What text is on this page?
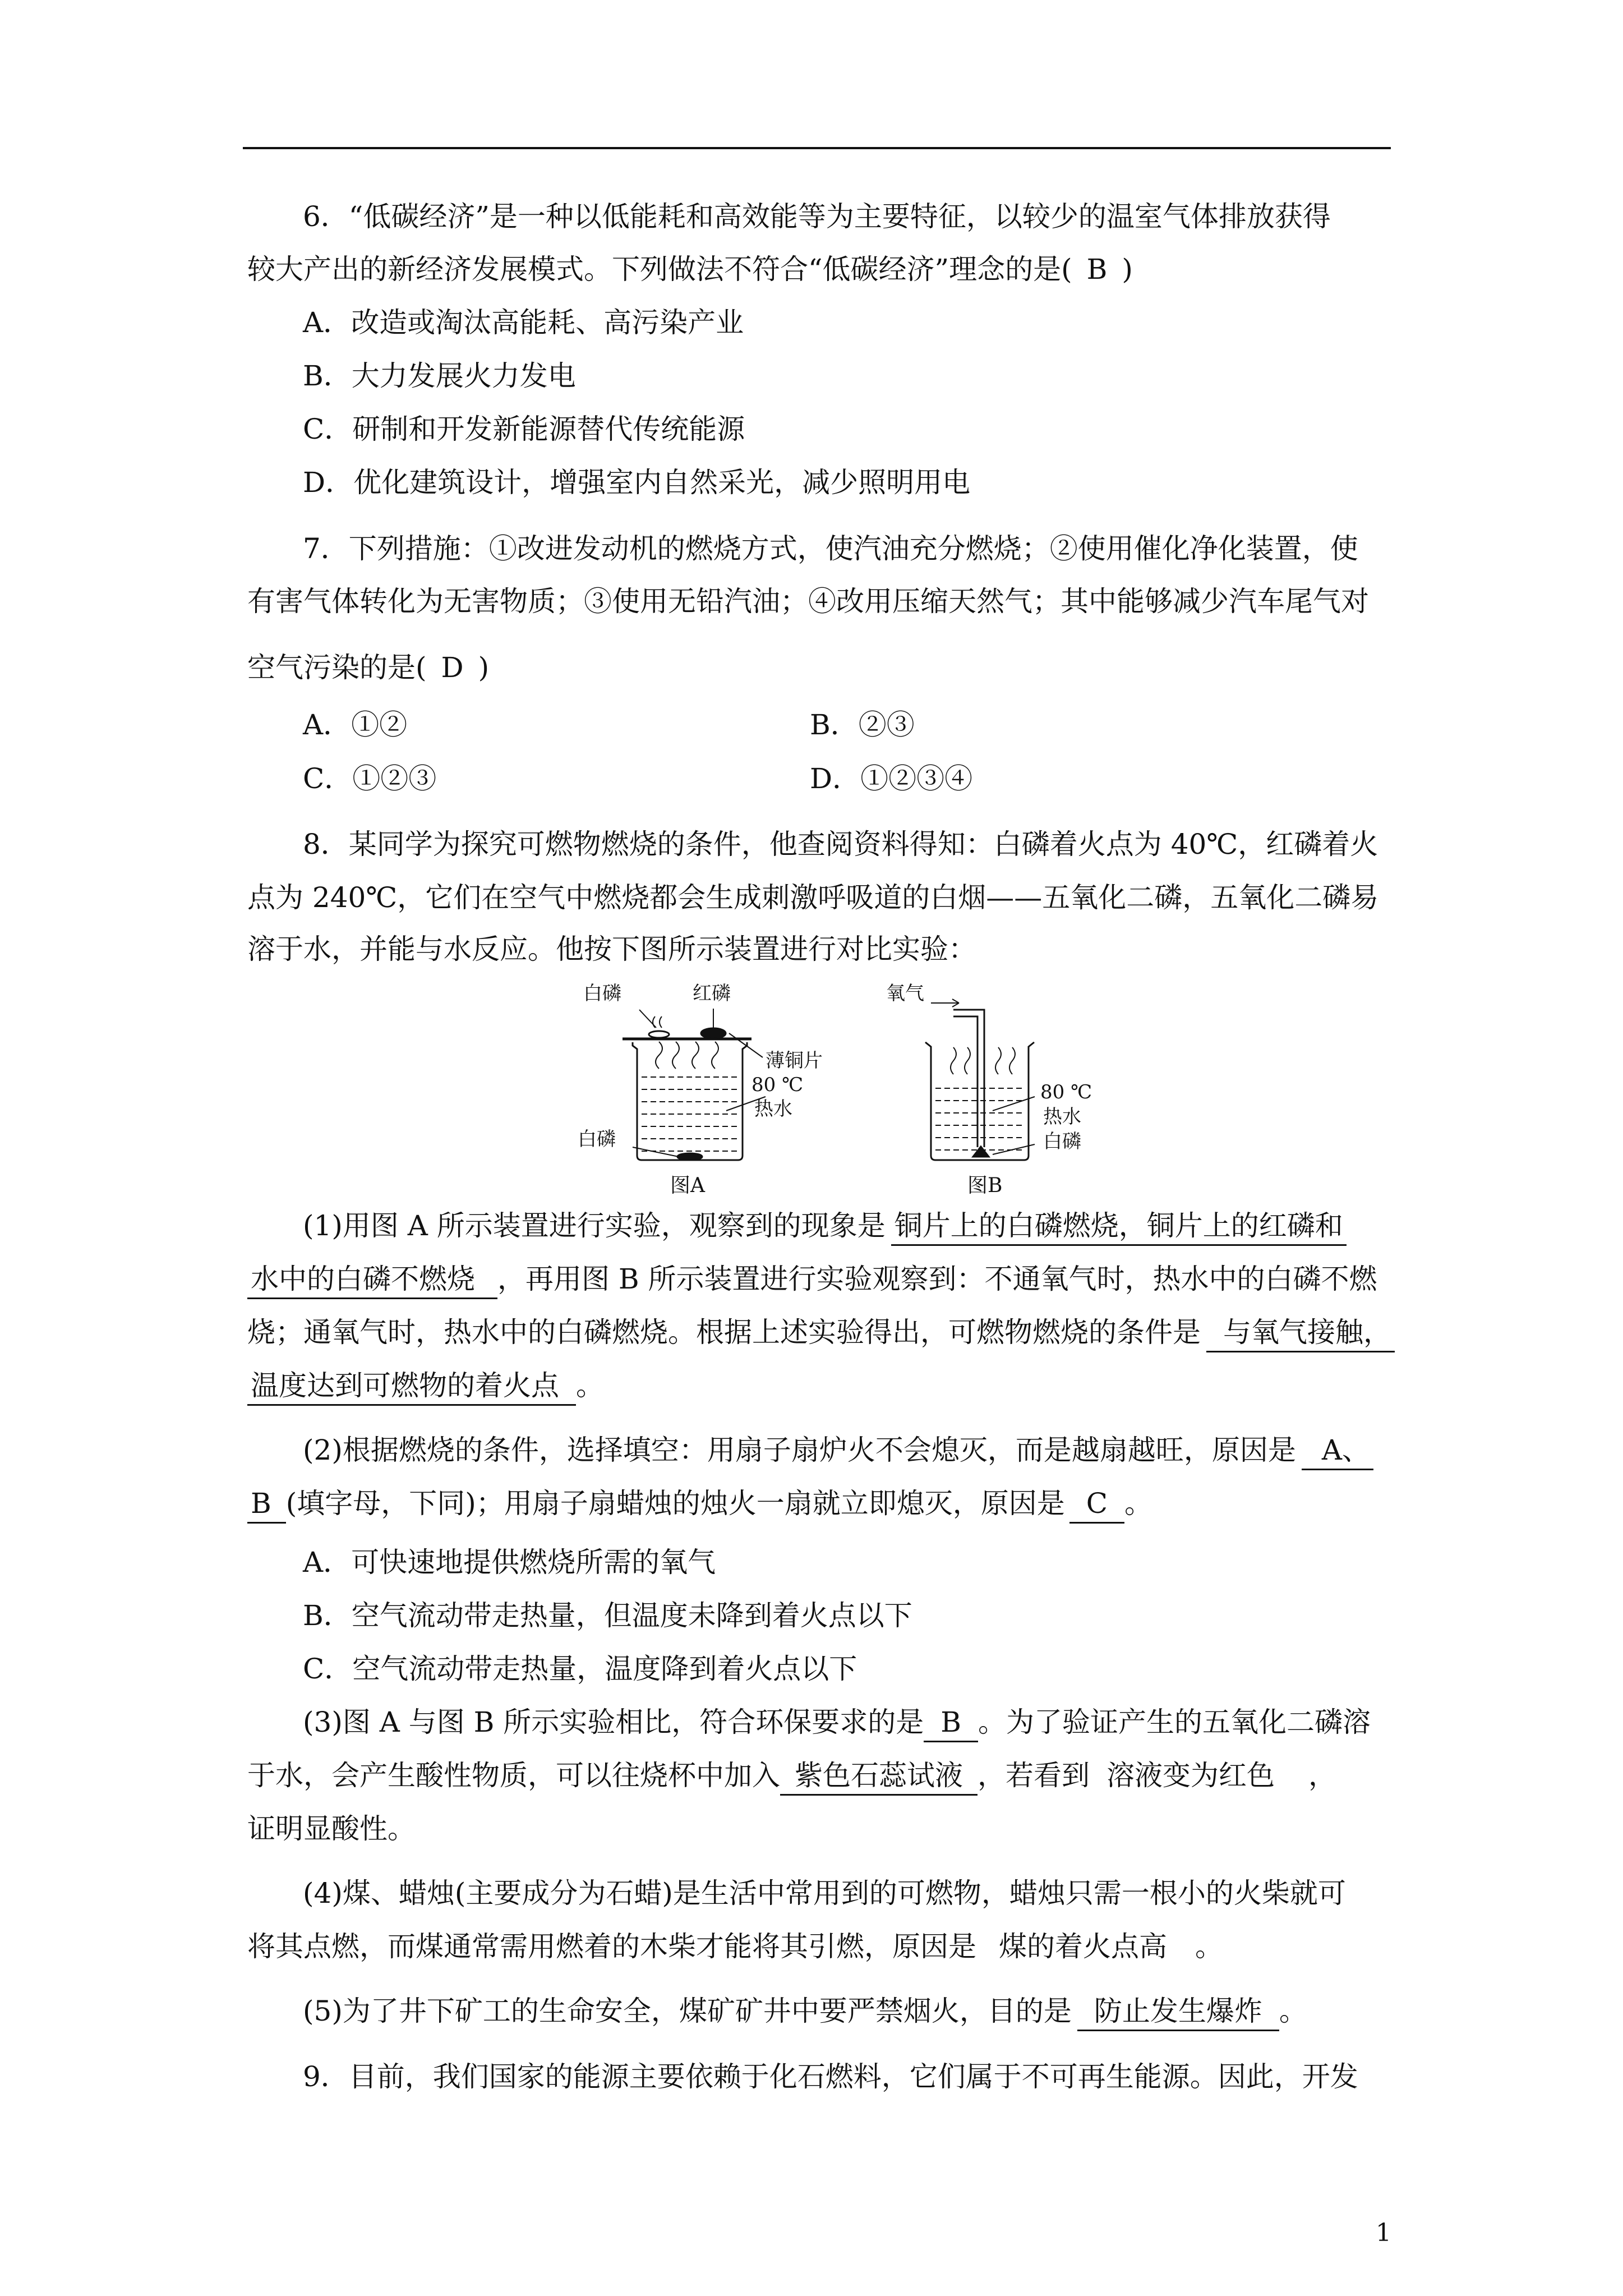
6．“低碳经济”是一种以低能耗和高效能等为主要特征，以较少的温室气体排放获得
较大产出的新经济发展模式。下列做法不符合“低碳经济”理念的是( B )
A．改造或淘汰高能耗、高污染产业
B．大力发展火力发电
C．研制和开发新能源替代传统能源
D．优化建筑设计，增强室内自然采光，减少照明用电
7．下列措施：①改进发动机的燃烧方式，使汽油充分燃烧；②使用催化净化装置，使
有害气体转化为无害物质；③使用无铅汽油；④改用压缩天然气；其中能够减少汽车尾气对
空气污染的是( D )
A．①②	B．②③
C．①②③	D．①②③④
8．某同学为探究可燃物燃烧的条件，他查阅资料得知：白磷着火点为 40℃，红磷着火
点为 240℃，它们在空气中燃烧都会生成刺激呼吸道的白烟——五氧化二磷，五氧化二磷易
溶于水，并能与水反应。他按下图所示装置进行对比实验：
白磷	红磷
薄铜片
80 ℃
热水
白磷
图A
氧气
80 ℃
热水
白磷
图B
(1)用图 A 所示装置进行实验，观察到的现象是 铜片上的白磷燃烧，铜片上的红磷和
水中的白磷不燃烧 ，再用图 B 所示装置进行实验观察到：不通氧气时，热水中的白磷不燃
烧；通氧气时，热水中的白磷燃烧。根据上述实验得出，可燃物燃烧的条件是 与氧气接触，
温度达到可燃物的着火点 。
(2)根据燃烧的条件，选择填空：用扇子扇炉火不会熄灭，而是越扇越旺，原因是 A、
B (填字母，下同)；用扇子扇蜡烛的烛火一扇就立即熄灭，原因是 C 。
A．可快速地提供燃烧所需的氧气
B．空气流动带走热量，但温度未降到着火点以下
C．空气流动带走热量，温度降到着火点以下
(3)图 A 与图 B 所示实验相比，符合环保要求的是 B 。为了验证产生的五氧化二磷溶
于水，会产生酸性物质，可以往烧杯中加入 紫色石蕊试液 ，若看到 溶液变为红色 ，
证明显酸性。
(4)煤、蜡烛(主要成分为石蜡)是生活中常用到的可燃物，蜡烛只需一根小的火柴就可
将其点燃，而煤通常需用燃着的木柴才能将其引燃，原因是 煤的着火点高 。
(5)为了井下矿工的生命安全，煤矿矿井中要严禁烟火，目的是 防止发生爆炸 。
9．目前，我们国家的能源主要依赖于化石燃料，它们属于不可再生能源。因此，开发
1
